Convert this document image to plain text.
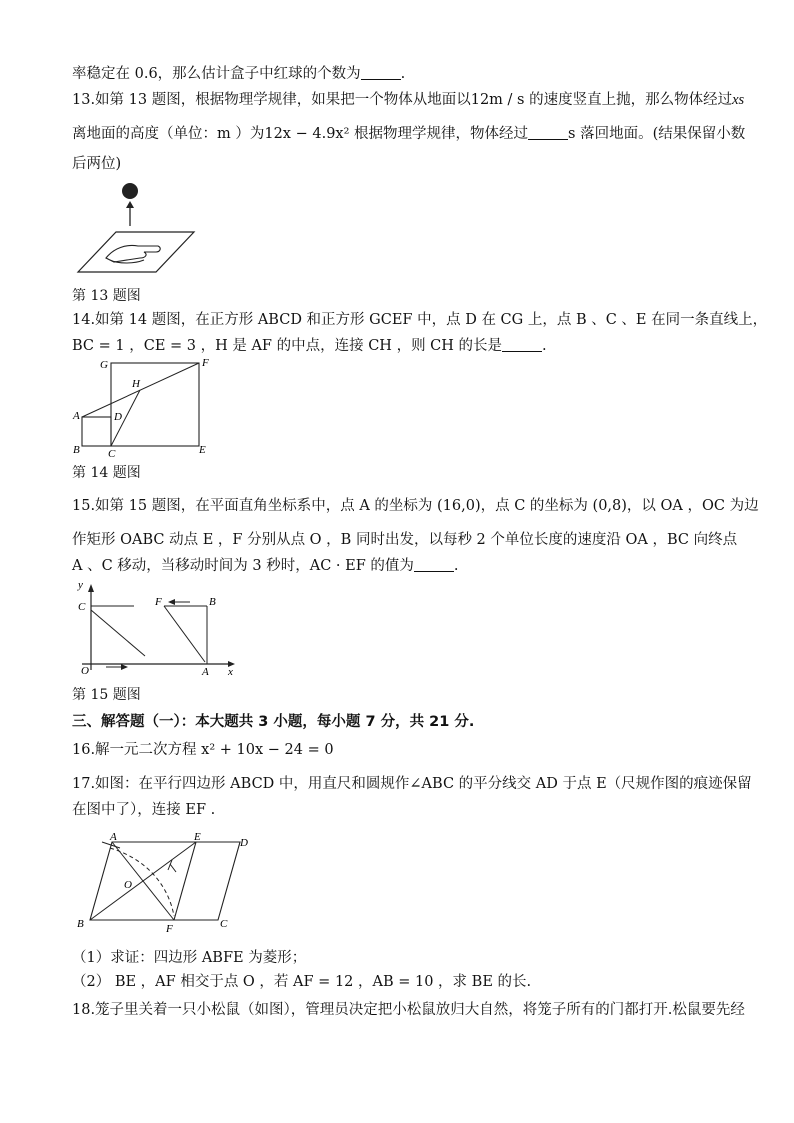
率稳定在 0.6，那么估计盒子中红球的个数为	.
13.如第 13 题图，根据物理学规律，如果把一个物体从地面以12m / s 的速度竖直上抛，那么物体经过xs
离地面的高度（单位：m ）为12x − 4.9x² 根据物理学规律，物体经过	s 落回地面。(结果保留小数
后两位)
第 13 题图
14.如第 14 题图，在正方形 ABCD 和正方形 GCEF 中，点 D 在 CG 上，点 B 、C 、E 在同一条直线上，
BC = 1 ，CE = 3 ，H 是 AF 的中点，连接 CH ，则 CH 的长是	.
G	F
H
A	D
B	C	E
第 14 题图
15.如第 15 题图，在平面直角坐标系中，点 A 的坐标为 (16,0)，点 C 的坐标为 (0,8)，以 OA ，OC 为边
作矩形 OABC 动点 E ，F 分别从点 O ，B 同时出发，以每秒 2 个单位长度的速度沿 OA ，BC 向终点
A 、C 移动，当移动时间为 3 秒时，AC · EF 的值为	.
y
C	F	B
O	A x
第 15 题图
三、解答题（一）：本大题共 3 小题，每小题 7 分，共 21 分.
16.解一元二次方程 x² + 10x − 24 = 0
17.如图：在平行四边形 ABCD 中，用直尺和圆规作∠ABC 的平分线交 AD 于点 E（尺规作图的痕迹保留
在图中了），连接 EF .
A	E	D
O
B	F	C
（1）求证：四边形 ABFE 为菱形；
（2） BE ，AF 相交于点 O ，若 AF = 12 ，AB = 10 ，求 BE 的长.
18.笼子里关着一只小松鼠（如图），管理员决定把小松鼠放归大自然，将笼子所有的门都打开.松鼠要先经
